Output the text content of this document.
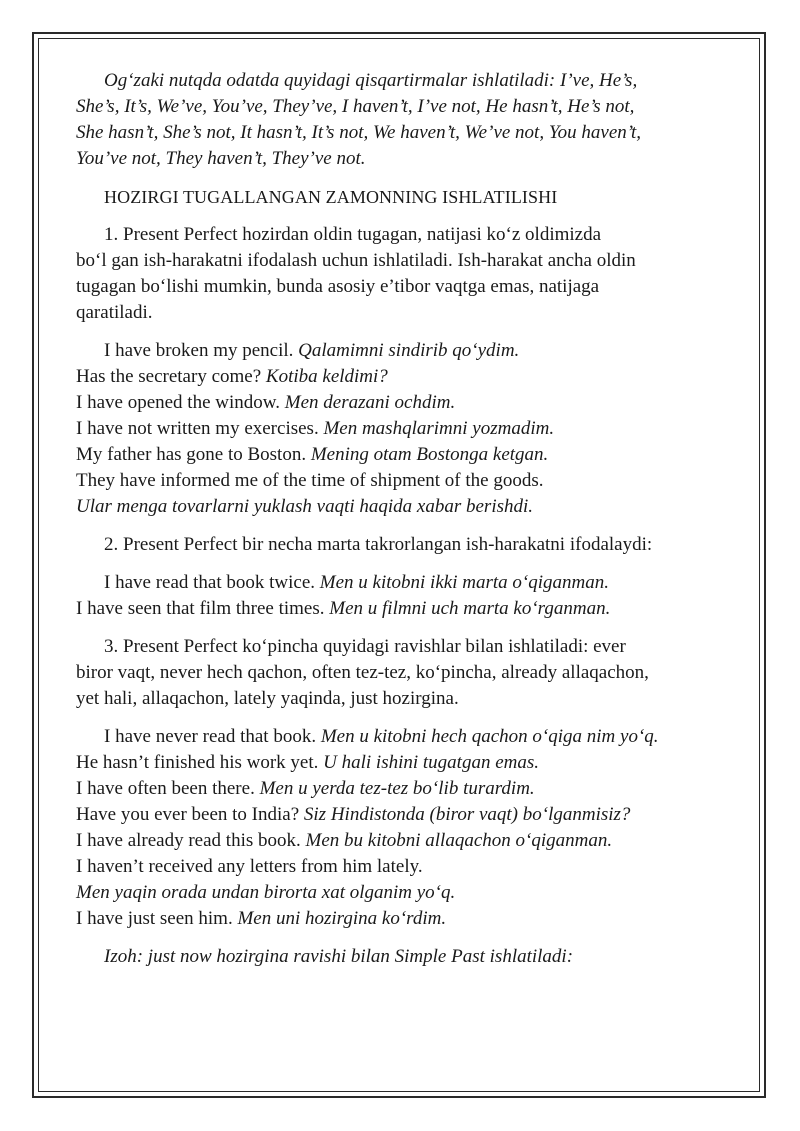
Og‘zaki nutqda odatda quyidagi qisqartirmalar ishlatiladi: I’ve, He’s,
She’s, It’s, We’ve, You’ve, They’ve, I haven’t, I’ve not, He hasn’t, He’s not,
She hasn’t, She’s not, It hasn’t, It’s not, We haven’t, We’ve not, You haven’t,
You’ve not, They haven’t, They’ve not.
HOZIRGI TUGALLANGAN ZAMONNING ISHLATILISHI
1. Present Perfect hozirdan oldin tugagan, natijasi ko‘z oldimizda
bo‘l gan ish-harakatni ifodalash uchun ishlatiladi. Ish-harakat ancha oldin
tugagan bo‘lishi mumkin, bunda asosiy e’tibor vaqtga emas, natijaga
qaratiladi.
I have broken my pencil. Qalamimni sindirib qo‘ydim.
Has the secretary come? Kotiba keldimi?
I have opened the window. Men derazani ochdim.
I have not written my exercises. Men mashqlarimni yozmadim.
My father has gone to Boston. Mening otam Bostonga ketgan.
They have informed me of the time of shipment of the goods.
Ular menga tovarlarni yuklash vaqti haqida xabar berishdi.
2. Present Perfect bir necha marta takrorlangan ish-harakatni ifodalaydi:
I have read that book twice. Men u kitobni ikki marta o‘qiganman.
I have seen that film three times. Men u filmni uch marta ko‘rganman.
3. Present Perfect ko‘pincha quyidagi ravishlar bilan ishlatiladi: ever
biror vaqt, never hech qachon, often tez-tez, ko‘pincha, already allaqachon,
yet hali, allaqachon, lately yaqinda, just hozirgina.
I have never read that book. Men u kitobni hech qachon o‘qiga nim yo‘q.
He hasn’t finished his work yet. U hali ishini tugatgan emas.
I have often been there. Men u yerda tez-tez bo‘lib turardim.
Have you ever been to India? Siz Hindistonda (biror vaqt) bo‘lganmisiz?
I have already read this book. Men bu kitobni allaqachon o‘qiganman.
I haven’t received any letters from him lately.
Men yaqin orada undan birorta xat olganim yo‘q.
I have just seen him. Men uni hozirgina ko‘rdim.
Izoh: just now hozirgina ravishi bilan Simple Past ishlatiladi:
